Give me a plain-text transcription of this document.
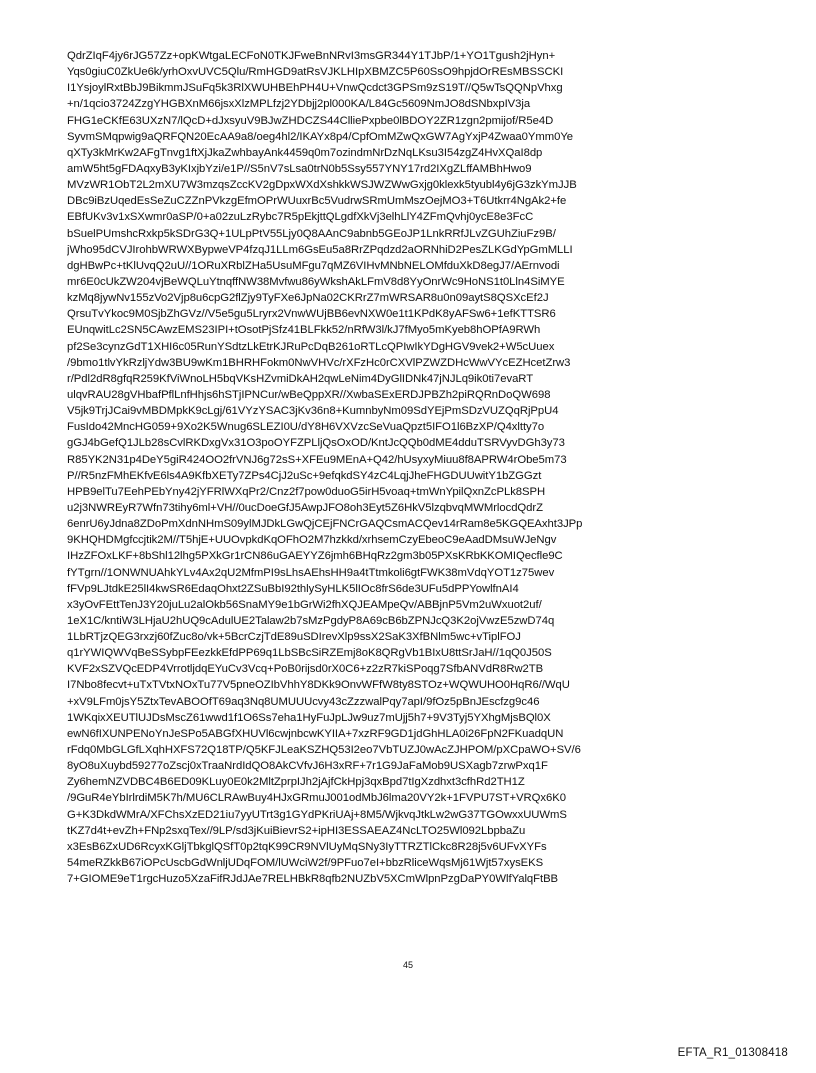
QdrZIqF4jy6rJG57Zz+opKWtgaLECFoN0TKJFweBnNRvI3msGR344Y1TJbP/1+YO1Tgush2jHyn+
Yqs0giuC0ZkUe6k/yrhOxvUVC5Qlu/RmHGD9atRsVJKLHIpXBMZC5P60SsO9hpjdOrREsMBSSCKI
I1YsjoylRxtBbJ9BikmmJSuFq5k3RlXWUHBEhPH4U+VnwQcdct3GPSm9zS19T//Q5wTsQQNpVhxg
+n/1qcio3724ZzgYHGBXnM66jsxXlzMPLfzj2YDbjj2pl000KA/L84Gc5609NmJO8dSNbxpIV3ja
FHG1eCKfE63UXzN7/lQcD+dJxsyuV9BJwZHDCZS44ClliePxpbe0lBDOY2ZR1zgn2pmijof/R5e4D
SyvmSMqpwig9aQRFQN20EcAA9a8/oeg4hl2/IKAYx8p4/CpfOmMZwQxGW7AgYxjP4Zwaa0Ymm0Ye
qXTy3kMrKw2AFgTnvg1ftXjJkaZwhbayAnk4459q0m7ozindmNrDzNqLKsu3I54zgZ4HvXQaI8dp
amW5ht5gFDAqxyB3yKIxjbYzi/e1P//S5nV7sLsa0trN0b5Ssy557YNY17rd2IXgZLffAMBhHwo9
MVzWR1ObT2L2mXU7W3mzqsZccKV2gDpxWXdXshkkWSJWZWwGxjg0klexk5tyubl4y6jG3zkYmJJB
DBc9iBzUqedEsSeZuCZZnPVkzgEfmOPrWUuxrBc5VudrwSRmUmMszOejMO3+T6Utkrr4NgAk2+fe
EBfUKv3v1xSXwmr0aSP/0+a02zuLzRybc7R5pEkjttQLgdfXkVj3elhLlY4ZFmQvhj0ycE8e3FcC
bSuelPUmshcRxkp5kSDrG3Q+1ULpPtV55Ljy0Q8AAnC9abnb5GEoJP1LnkRRfJLvZGUhZiuFz9B/
jWho95dCVJIrohbWRWXBypweVP4fzqJ1LLm6GsEu5a8RrZPqdzd2aORNhiD2PesZLKGdYpGmMLLI
dgHBwPc+tKlUvqQ2uU//1ORuXRblZHa5UsuMFgu7qMZ6VIHvMNbNELOMfduXkD8egJ7/AErnvodi
mr6E0cUkZW204vjBeWQLuYtnqffNW38Mvfwu86yWkshAkLFmV8d8YyOnrWc9HoNS1t0Lln4SiMYE
kzMq8jywNv155zVo2Vjp8u6cpG2flZjy9TyFXe6JpNa02CKRrZ7mWRSAR8u0n09aytS8QSXcEf2J
QrsuTvYkoc9M0SjbZhGVz//V5e5gu5Lryrx2VnwWUjBB6evNXW0e1t1KPdK8yAFSw6+1efKTTSR6
EUnqwitLc2SN5CAwzEMS23IPI+tOsotPjSfz41BLFkk52/nRfW3l/kJ7fMyo5mKyeb8hOPfA9RWh
pf2Se3cynzGdT1XHI6c05RunYSdtzLkEtrKJRuPcDqB261oRTLcQPIwIkYDgHGV9vek2+W5cUuex
/9bmo1tlvYkRzljYdw3BU9wKm1BHRHFokm0NwVHVc/rXFzHc0rCXVlPZWZDHcWwVYcEZHcetZrw3
r/Pdl2dR8gfqR259KfViWnoLH5bqVKsHZvmiDkAH2qwLeNim4DyGlIDNk47jNJLq9ik0ti7evaRT
ulqvRAU28gVHbafPflLnfHhjs6hSTjIPNCur/wBeQppXR//XwbaSExERDJPBZh2piRQRnDoQW698
V5jk9TrjJCai9vMBDMpkK9cLgj/61VYzYSAC3jKv36n8+KumnbyNm09SdYEjPmSDzVUZQqRjPpU4
FusIdo42MncHG059+9Xo2K5Wnug6SLEZI0U/dY8H6VXVzcSeVuaQpzt5IFO1l6BzXP/Q4xltty7o
gGJ4bGefQ1JLb28sCvlRKDxgVx31O3poOYFZPLljQsOxOD/KntJcQQb0dME4dduTSRVyvDGh3y73
R85YK2N31p4DeY5giR424OO2frVNJ6g72sS+XFEu9MEnA+Q42/hUsyxyMiuu8f8APRW4rObe5m73
P//R5nzFMhEKfvE6ls4A9KfbXETy7ZPs4CjJ2uSc+9efqkdSY4zC4LqjJheFHGDUUwitY1bZGGzt
HPB9elTu7EehPEbYny42jYFRlWXqPr2/Cnz2f7pow0duoG5irH5voaq+tmWnYpilQxnZcPLk8SPH
u2j3NWREyR7Wfn73tihy6ml+VH//0ucDoeGfJ5AwpJFO8oh3Eyt5Z6HkV5lzqbvqMWMrlocdQdrZ
6enrU6yJdna8ZDoPmXdnNHmS09ylMJDkLGwQjCEjFNCrGAQCsmACQev14rRam8e5KGQEAxht3JPp
9KHQHDMgfccjtik2M//T5hjE+UUOvpkdKqOFhO2M7hzkkd/xrhsemCzyEbeoC9eAadDMsuWJeNgv
IHzZFOxLKF+8bShl12lhg5PXkGr1rCN86uGAEYYZ6jmh6BHqRz2gm3b05PXsKRbKKOMIQecfle9C
fYTgrn//1ONWNUAhkYLv4Ax2qU2MfmPI9sLhsAEhsHH9a4tTtmkoli6gtFWK38mVdqYOT1z75wev
fFVp9LJtdkE25lI4kwSR6EdaqOhxt2ZSuBbI92thlySyHLK5lIOc8frS6de3UFu5dPPYowlfnAI4
x3yOvFEttTenJ3Y20juLu2alOkb56SnaMY9e1bGrWi2fhXQJEAMpeQv/ABBjnP5Vm2uWxuot2uf/
1eX1C/kntiW3LHjaU2hUQ9cAdulUE2Talaw2b7sMzPgdyP8A69cB6bZPNJcQ3K2ojVwzE5zwD74q
1LbRTjzQEG3rxzj60fZuc8o/vk+5BcrCzjTdE89uSDIrevXlp9ssX2SaK3XfBNlm5wc+vTiplFOJ
q1rYWIQWVqBeSSybpFEezkkEfdPP69q1LbSBcSiRZEmj8oK8QRgVb1BIxU8ttSrJaH//1qQ0J50S
KVF2xSZVQcEDP4VrrotljdqEYuCv3Vcq+PoB0rijsd0rX0C6+z2zR7kiSPoqg7SfbANVdR8Rw2TB
I7Nbo8fecvt+uTxTVtxNOxTu77V5pneOZIbVhhY8DKk9OnvWFfW8ty8STOz+WQWUHO0HqR6//WqU
+xV9LFm0jsY5ZtxTevABOOfT69aq3Nq8UMUUUcvy43cZzzwalPqy7apI/9fOz5pBnJEscfzg9c46
1WKqixXEUTlUJDsMscZ61wwd1f1O6Ss7eha1HyFuJpLJw9uz7mUjj5h7+9V3Tyj5YXhgMjsBQl0X
ewN6fIXUNPENoYnJeSPo5ABGfXHUVl6cwjnbcwKYIIA+7xzRF9GD1jdGhHLA0i26FpN2FKuadqUN
rFdq0MbGLGfLXqhHXFS72Q18TP/Q5KFJLeaKSZHQ53I2eo7VbTUZJ0wAcZJHPOM/pXCpaWO+SV/6
8yO8uXuybd59277oZscj0xTraaNrdIdQO8AkCVfvJ6H3xRF+7r1G9JaFaMob9USXagb7zrwPxq1F
Zy6hemNZVDBC4B6ED09KLuy0E0k2MltZprpIJh2jAjfCkHpj3qxBpd7tIgXzdhxt3cfhRd2TH1Z
/9GuR4eYbIrlrdiM5K7h/MU6CLRAwBuy4HJxGRmuJ001odMbJ6lma20VY2k+1FVPU7ST+VRQx6K0
G+K3DkdWMrA/XFChsXzED21iu7yyUTrt3g1GYdPKriUAj+8M5/WjkvqJtkLw2wG37TGOwxxUUWmS
tKZ7d4t+evZh+FNp2sxqTex//9LP/sd3jKuiBievrS2+ipHI3ESSAEAZ4NcLTO25Wl092LbpbaZu
x3EsB6ZxUD6RcyxKGljTbkglQSfT0p2tqK99CR9NVlUyMqSNy3IyTTRZTlCkc8R28j5v6UFvXYFs
54meRZkkB67iOPcUscbGdWnljUDqFOM/lUWciW2f/9PFuo7eI+bbzRliceWqsMj61Wjt57xysEKS
7+GIOME9eT1rgcHuzo5XzaFifRJdJAe7RELHBkR8qfb2NUZbV5XCmWlpnPzgDaPY0WlfYalqFtBB
45
EFTA_R1_01308418
